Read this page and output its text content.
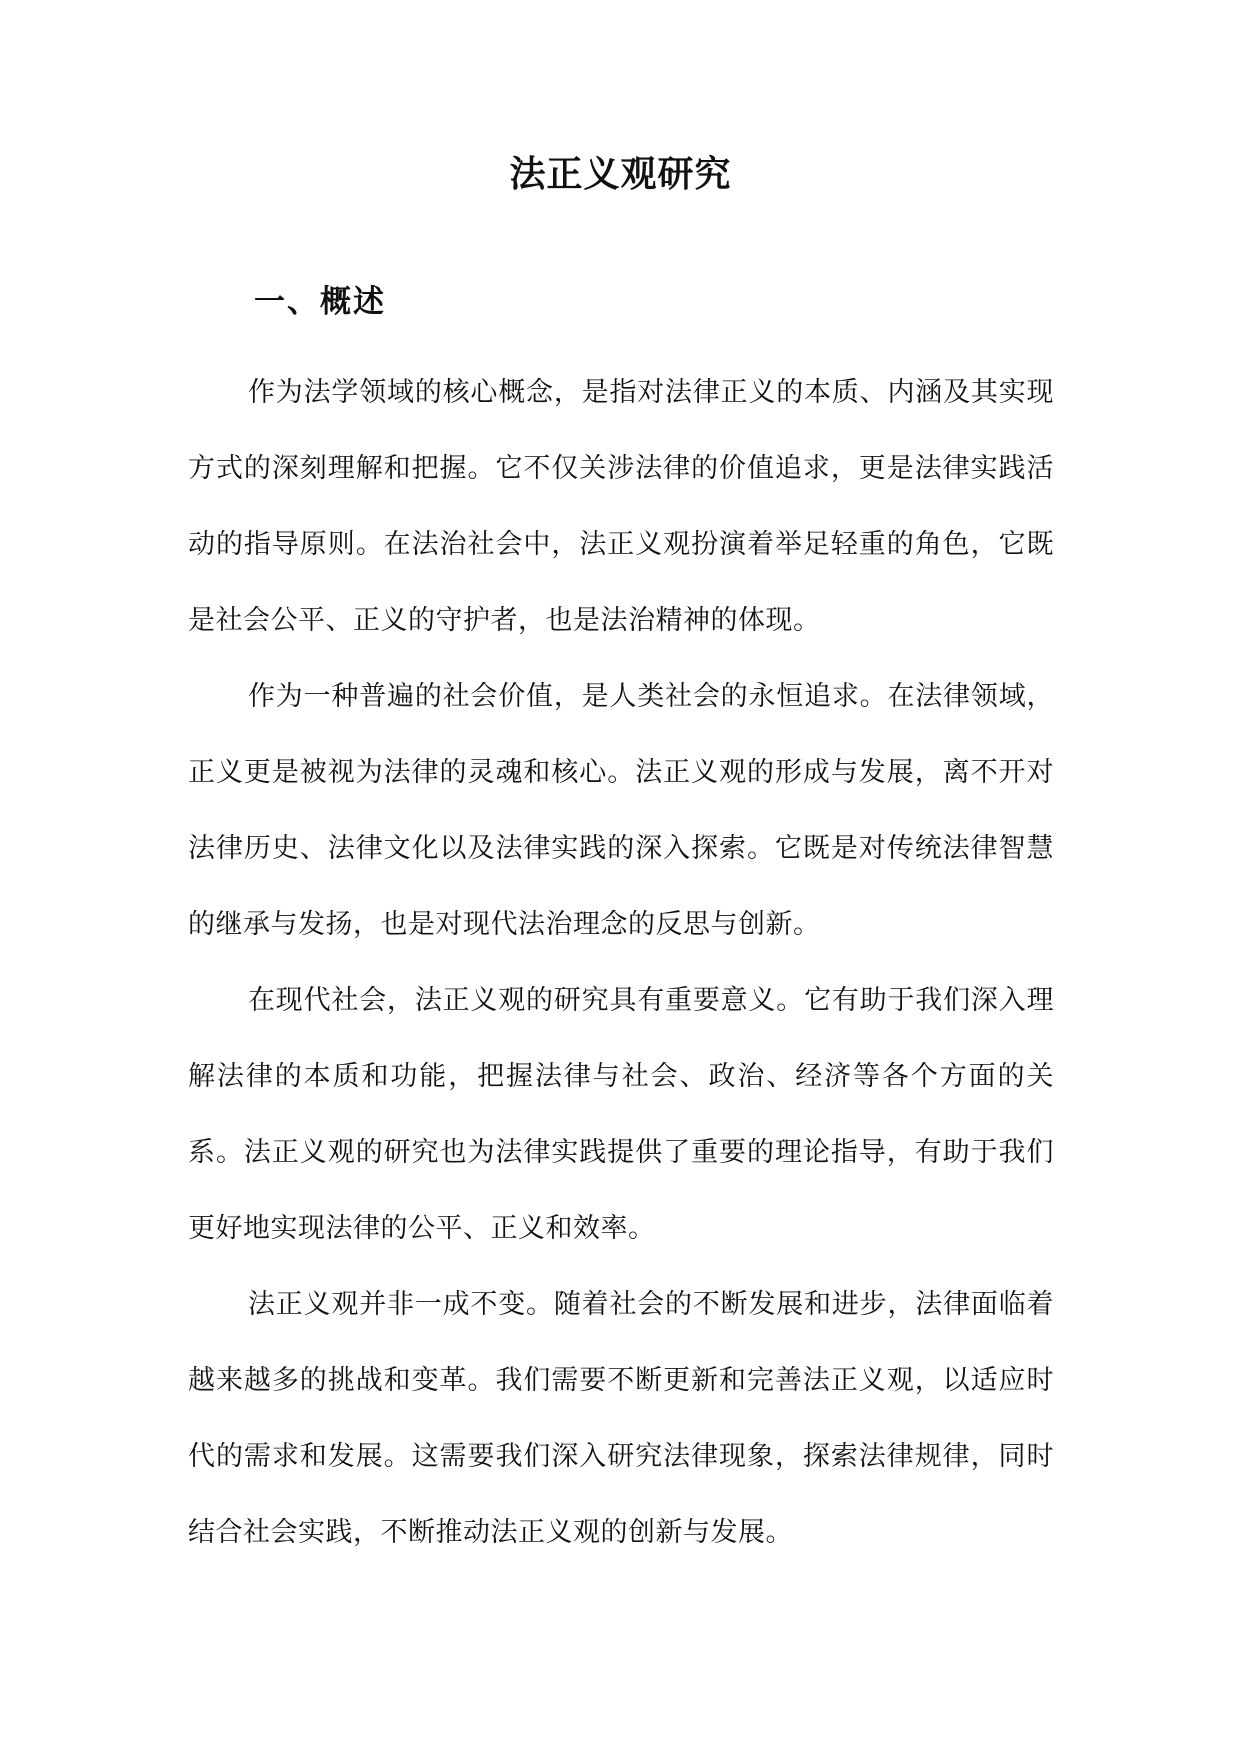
法正义观研究
一、概述

作为法学领域的核心概念，是指对法律正义的本质、内涵及其实现方式的深刻理解和把握。它不仅关涉法律的价值追求，更是法律实践活动的指导原则。在法治社会中，法正义观扮演着举足轻重的角色，它既是社会公平、正义的守护者，也是法治精神的体现。

作为一种普遍的社会价值，是人类社会的永恒追求。在法律领域，正义更是被视为法律的灵魂和核心。法正义观的形成与发展，离不开对法律历史、法律文化以及法律实践的深入探索。它既是对传统法律智慧的继承与发扬，也是对现代法治理念的反思与创新。

在现代社会，法正义观的研究具有重要意义。它有助于我们深入理解法律的本质和功能，把握法律与社会、政治、经济等各个方面的关系。法正义观的研究也为法律实践提供了重要的理论指导，有助于我们更好地实现法律的公平、正义和效率。

法正义观并非一成不变。随着社会的不断发展和进步，法律面临着越来越多的挑战和变革。我们需要不断更新和完善法正义观，以适应时代的需求和发展。这需要我们深入研究法律现象，探索法律规律，同时结合社会实践，不断推动法正义观的创新与发展。
